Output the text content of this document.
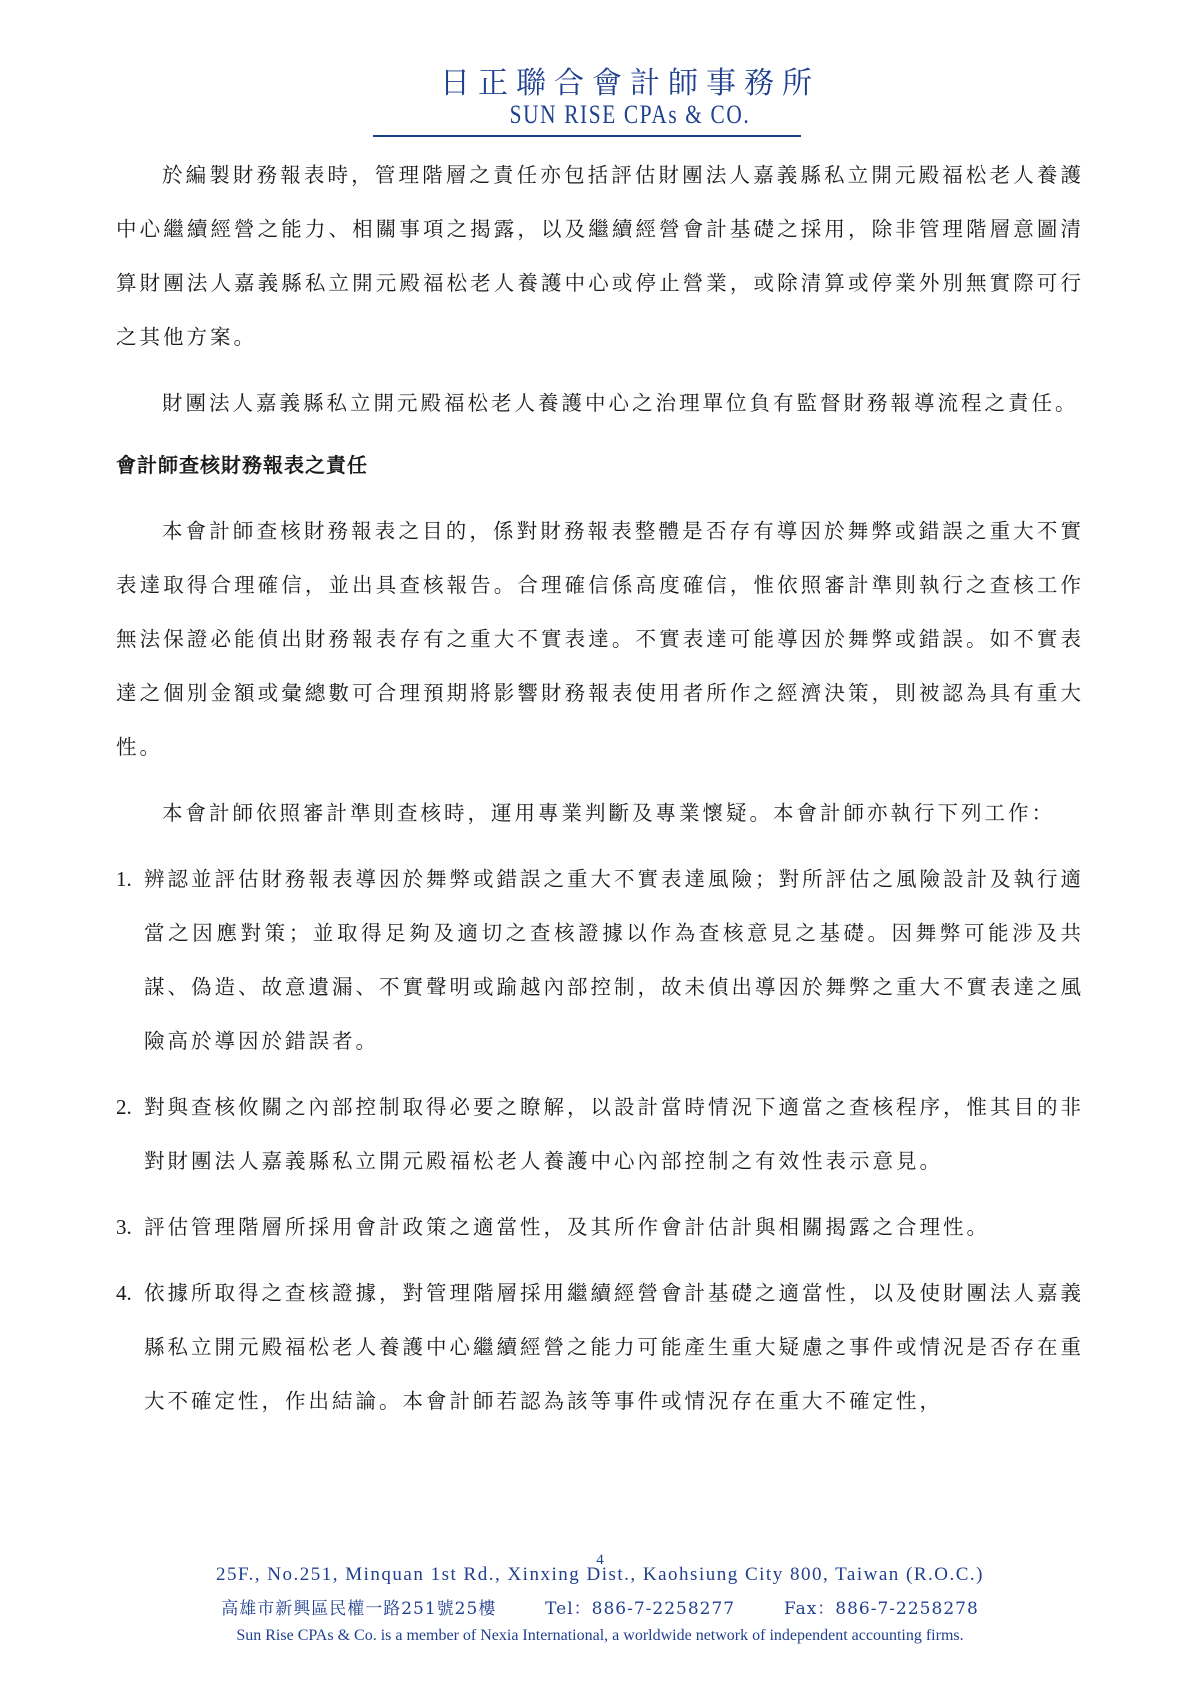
日正聯合會計師事務所
SUN RISE CPAs & CO.

於編製財務報表時，管理階層之責任亦包括評估財團法人嘉義縣私立開元殿福松老人養護中心繼續經營之能力、相關事項之揭露，以及繼續經營會計基礎之採用，除非管理階層意圖清算財團法人嘉義縣私立開元殿福松老人養護中心或停止營業，或除清算或停業外別無實際可行之其他方案。

財團法人嘉義縣私立開元殿福松老人養護中心之治理單位負有監督財務報導流程之責任。

會計師查核財務報表之責任

本會計師查核財務報表之目的，係對財務報表整體是否存有導因於舞弊或錯誤之重大不實表達取得合理確信，並出具查核報告。合理確信係高度確信，惟依照審計準則執行之查核工作無法保證必能偵出財務報表存有之重大不實表達。不實表達可能導因於舞弊或錯誤。如不實表達之個別金額或彙總數可合理預期將影響財務報表使用者所作之經濟決策，則被認為具有重大性。

本會計師依照審計準則查核時，運用專業判斷及專業懷疑。本會計師亦執行下列工作：

1. 辨認並評估財務報表導因於舞弊或錯誤之重大不實表達風險；對所評估之風險設計及執行適當之因應對策；並取得足夠及適切之查核證據以作為查核意見之基礎。因舞弊可能涉及共謀、偽造、故意遺漏、不實聲明或踰越內部控制，故未偵出導因於舞弊之重大不實表達之風險高於導因於錯誤者。
2. 對與查核攸關之內部控制取得必要之瞭解，以設計當時情況下適當之查核程序，惟其目的非對財團法人嘉義縣私立開元殿福松老人養護中心內部控制之有效性表示意見。
3. 評估管理階層所採用會計政策之適當性，及其所作會計估計與相關揭露之合理性。
4. 依據所取得之查核證據，對管理階層採用繼續經營會計基礎之適當性，以及使財團法人嘉義縣私立開元殿福松老人養護中心繼續經營之能力可能產生重大疑慮之事件或情況是否存在重大不確定性，作出結論。本會計師若認為該等事件或情況存在重大不確定性，
4
25F., No.251, Minquan 1st Rd., Xinxing Dist., Kaohsiung City 800, Taiwan (R.O.C.)
高雄市新興區民權一路251號25樓	Tel：886-7-2258277	Fax：886-7-2258278
Sun Rise CPAs & Co. is a member of Nexia International, a worldwide network of independent accounting firms.
